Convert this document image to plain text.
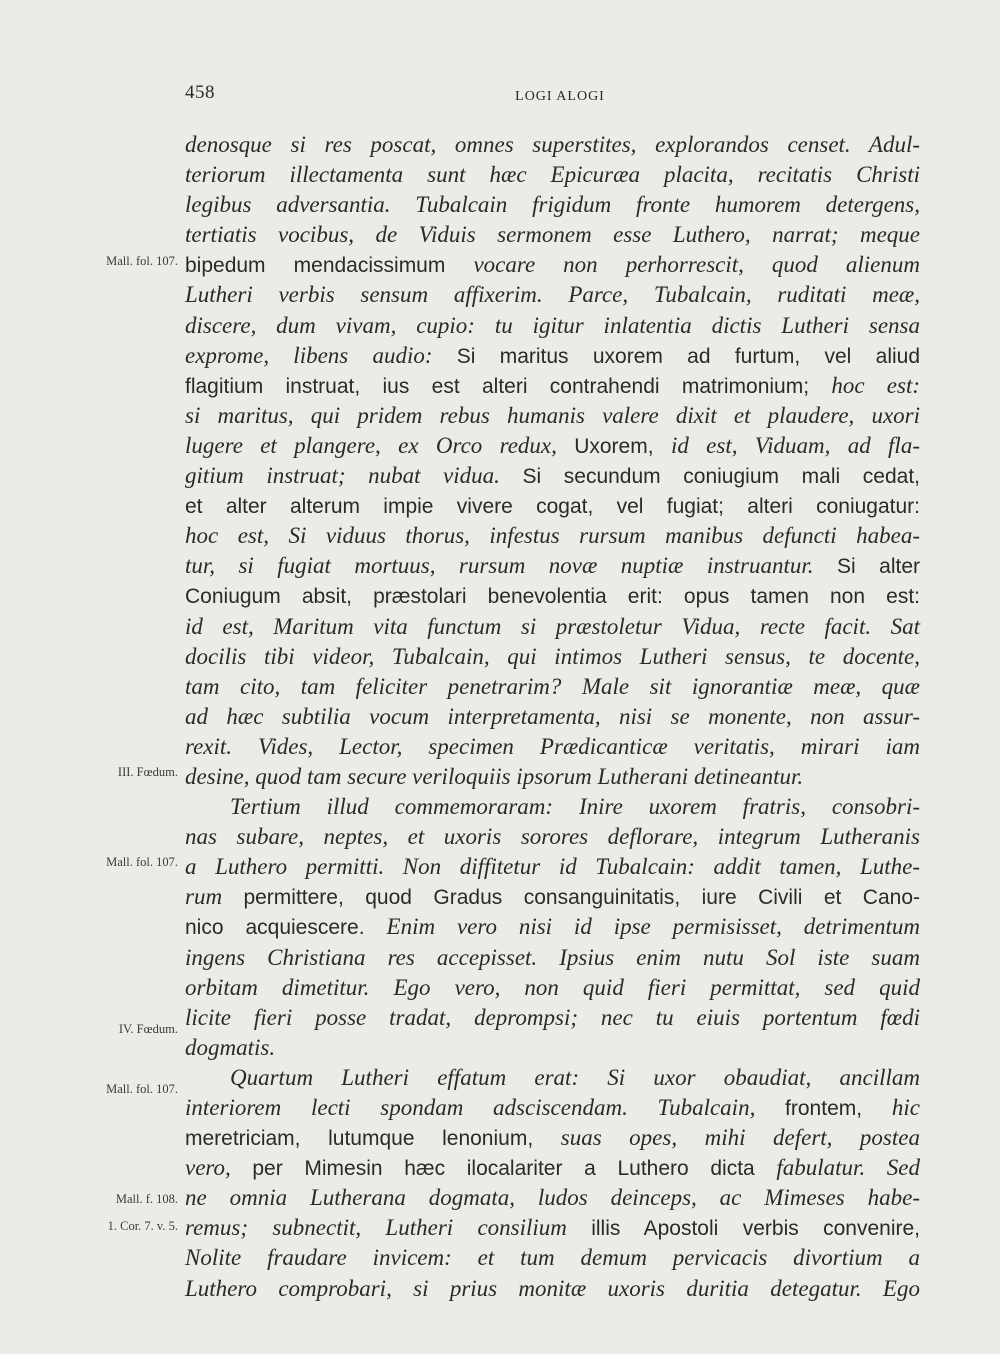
458	LOGI ALOGI
Mall. fol. 107.
III. Fœdum.
Mall. fol. 107.
IV. Fœdum.
Mall. fol. 107.
Mall. f. 108.
1. Cor. 7. v. 5.
denosque si res poscat, omnes superstites, explorandos censet. Adul-
teriorum illectamenta sunt hæc Epicuræa placita, recitatis Christi
legibus adversantia. Tubalcain frigidum fronte humorem detergens,
tertiatis vocibus, de Viduis sermonem esse Luthero, narrat; meque
bipedum mendacissimum vocare non perhorrescit, quod alienum
Lutheri verbis sensum affixerim. Parce, Tubalcain, ruditati meæ,
discere, dum vivam, cupio: tu igitur inlatentia dictis Lutheri sensa
exprome, libens audio: Si maritus uxorem ad furtum, vel aliud
flagitium instruat, ius est alteri contrahendi matrimonium; hoc est:
si maritus, qui pridem rebus humanis valere dixit et plaudere, uxori
lugere et plangere, ex Orco redux, Uxorem, id est, Viduam, ad fla-
gitium instruat; nubat vidua. Si secundum coniugium mali cedat,
et alter alterum impie vivere cogat, vel fugiat; alteri coniugatur:
hoc est, Si viduus thorus, infestus rursum manibus defuncti habea-
tur, si fugiat mortuus, rursum novæ nuptiæ instruantur. Si alter
Coniugum absit, præstolari benevolentia erit: opus tamen non est:
id est, Maritum vita functum si præstoletur Vidua, recte facit. Sat
docilis tibi videor, Tubalcain, qui intimos Lutheri sensus, te docente,
tam cito, tam feliciter penetrarim? Male sit ignorantiæ meæ, quæ
ad hæc subtilia vocum interpretamenta, nisi se monente, non assur-
rexit. Vides, Lector, specimen Prædicanticæ veritatis, mirari iam
desine, quod tam secure veriloquiis ipsorum Lutherani detineantur.
Tertium illud commemoraram: Inire uxorem fratris, consobri-
nas subare, neptes, et uxoris sorores deflorare, integrum Lutheranis
a Luthero permitti. Non diffitetur id Tubalcain: addit tamen, Luthe-
rum permittere, quod Gradus consanguinitatis, iure Civili et Cano-
nico acquiescere. Enim vero nisi id ipse permisisset, detrimentum
ingens Christiana res accepisset. Ipsius enim nutu Sol iste suam
orbitam dimetitur. Ego vero, non quid fieri permittat, sed quid
licite fieri posse tradat, deprompsi; nec tu eiuis portentum fœdi
dogmatis.
Quartum Lutheri effatum erat: Si uxor obaudiat, ancillam
interiorem lecti spondam adsciscendam. Tubalcain, frontem, hic
meretriciam, lutumque lenonium, suas opes, mihi defert, postea
vero, per Mimesin hæc ilocalariter a Luthero dicta fabulatur. Sed
ne omnia Lutherana dogmata, ludos deinceps, ac Mimeses habe-
remus; subnectit, Lutheri consilium illis Apostoli verbis convenire,
Nolite fraudare invicem: et tum demum pervicacis divortium a
Luthero comprobari, si prius monitæ uxoris duritia detegatur. Ego
